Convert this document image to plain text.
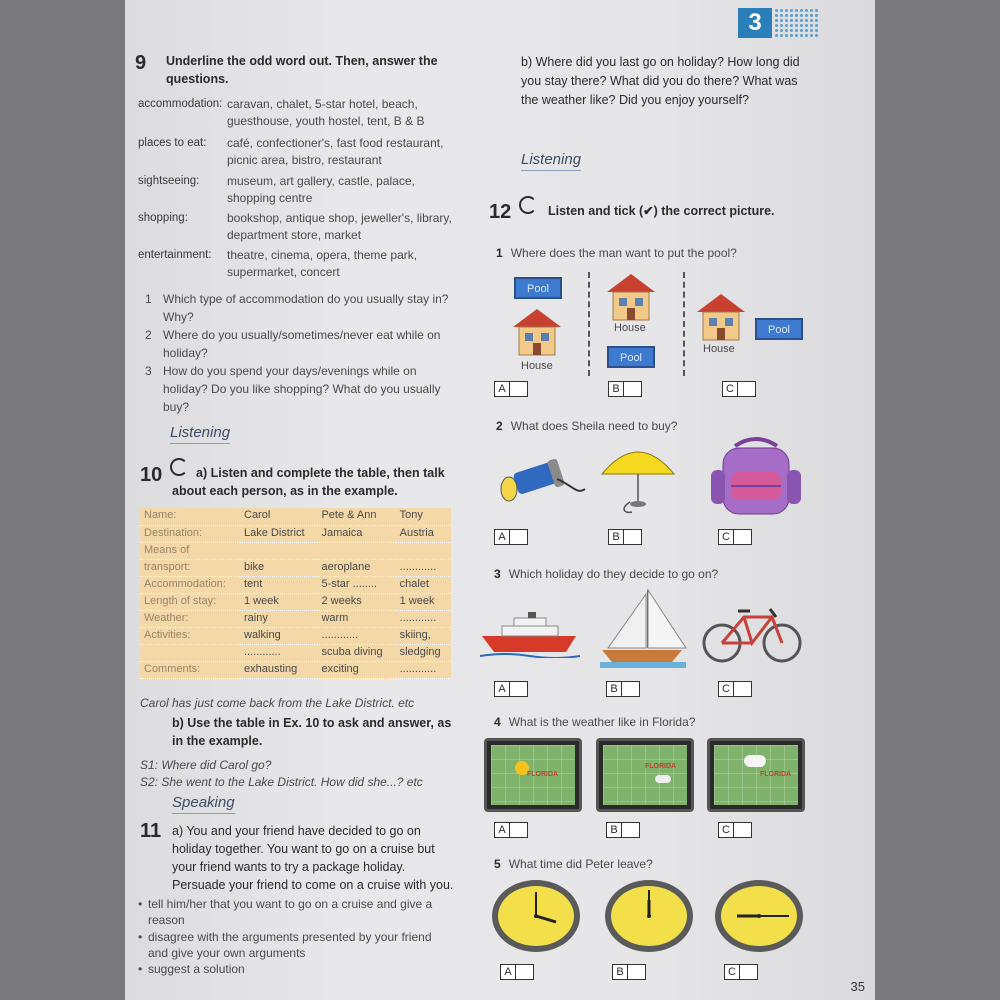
3
9 Underline the odd word out. Then, answer the questions.
accommodation: caravan, chalet, 5-star hotel, beach, guesthouse, youth hostel, tent, B & B
places to eat: café, confectioner's, fast food restaurant, picnic area, bistro, restaurant
sightseeing: museum, art gallery, castle, palace, shopping centre
shopping:	bookshop, antique shop, jeweller's, library, department store, market
entertainment: theatre, cinema, opera, theme park, supermarket, concert
1 Which type of accommodation do you usually stay in? Why?
2 Where do you usually/sometimes/never eat while on holiday?
3 How do you spend your days/evenings while on holiday? Do you like shopping? What do you usually buy?
Listening
10	a) Listen and complete the table, then talk about each person, as in the example.
Name:	Carol	Pete & Ann	Tony
Destination:	Lake District	Jamaica	Austria
Means of			
transport:	bike	aeroplane	............
Accommodation:	tent	5-star ........	chalet
Length of stay:	1 week	2 weeks	1 week
Weather:	rainy	warm	............
Activities:	walking	............	skiing,
	............	scuba diving	sledging
Comments:	exhausting	exciting	............
Carol has just come back from the Lake District. etc
b) Use the table in Ex. 10 to ask and answer, as in the example.
S1: Where did Carol go?
S2: She went to the Lake District. How did she...? etc
Speaking
11 a) You and your friend have decided to go on holiday together. You want to go on a cruise but your friend wants to try a package holiday. Persuade your friend to come on a cruise with you.
• tell him/her that you want to go on a cruise and give a reason
• disagree with the arguments presented by your friend and give your own arguments
• suggest a solution
b) Where did you last go on holiday? How long did you stay there? What did you do there? What was the weather like? Did you enjoy yourself?
Listening
12	Listen and tick (✔) the correct picture.
1 Where does the man want to put the pool?
Pool
House
House
Pool
House
Pool
A	B	C
2 What does Sheila need to buy?
A	B	C
3 Which holiday do they decide to go on?
A	B	C
4 What is the weather like in Florida?
FLORIDA
FLORIDA
FLORIDA
A	B	C
5 What time did Peter leave?
A	B	C
35
